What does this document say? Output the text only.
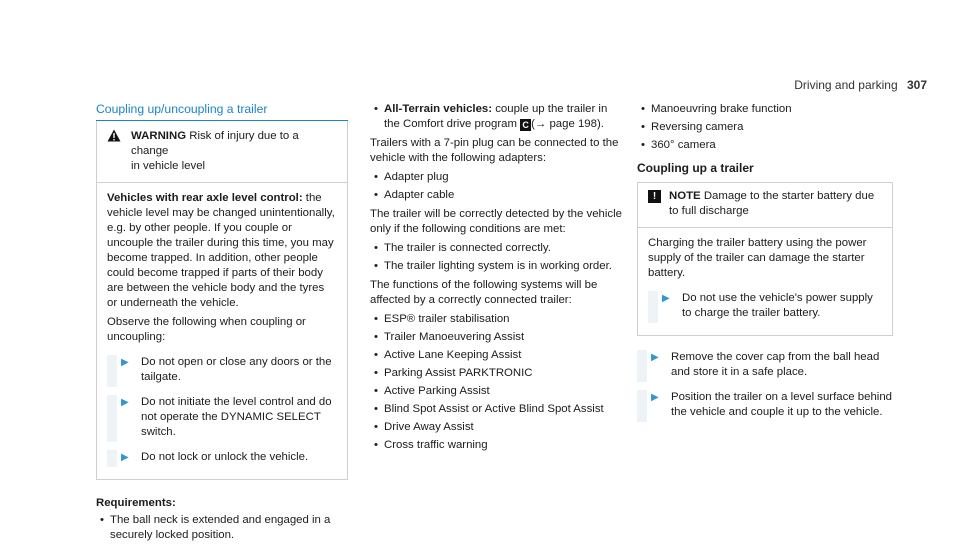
Driving and parking 307
Coupling up/uncoupling a trailer
WARNING Risk of injury due to a change
in vehicle level

Vehicles with rear axle level control: the vehicle level may be changed unintentionally, e.g. by other people. If you couple or uncouple the trailer during this time, you may become trapped. In addition, other people could become trapped if parts of their body are between the vehicle body and the tyres or underneath the vehicle.

Observe the following when coupling or uncoupling:

▶ Do not open or close any doors or the tailgate.
▶ Do not initiate the level control and do not operate the DYNAMIC SELECT switch.
▶ Do not lock or unlock the vehicle.
Requirements:
• The ball neck is extended and engaged in a securely locked position.
• All-Terrain vehicles: couple up the trailer in the Comfort drive program C (→ page 198).

Trailers with a 7-pin plug can be connected to the vehicle with the following adapters:

• Adapter plug
• Adapter cable

The trailer will be correctly detected by the vehicle only if the following conditions are met:

• The trailer is connected correctly.
• The trailer lighting system is in working order.

The functions of the following systems will be affected by a correctly connected trailer:

• ESP® trailer stabilisation
• Trailer Manoeuvering Assist
• Active Lane Keeping Assist
• Parking Assist PARKTRONIC
• Active Parking Assist
• Blind Spot Assist or Active Blind Spot Assist
• Drive Away Assist
• Cross traffic warning
• Manoeuvring brake function
• Reversing camera
• 360° camera
Coupling up a trailer
!	NOTE Damage to the starter battery due
to full discharge

Charging the trailer battery using the power supply of the trailer can damage the starter battery.

▶ Do not use the vehicle's power supply to charge the trailer battery.
▶ Remove the cover cap from the ball head and store it in a safe place.
▶ Position the trailer on a level surface behind the vehicle and couple it up to the vehicle.
